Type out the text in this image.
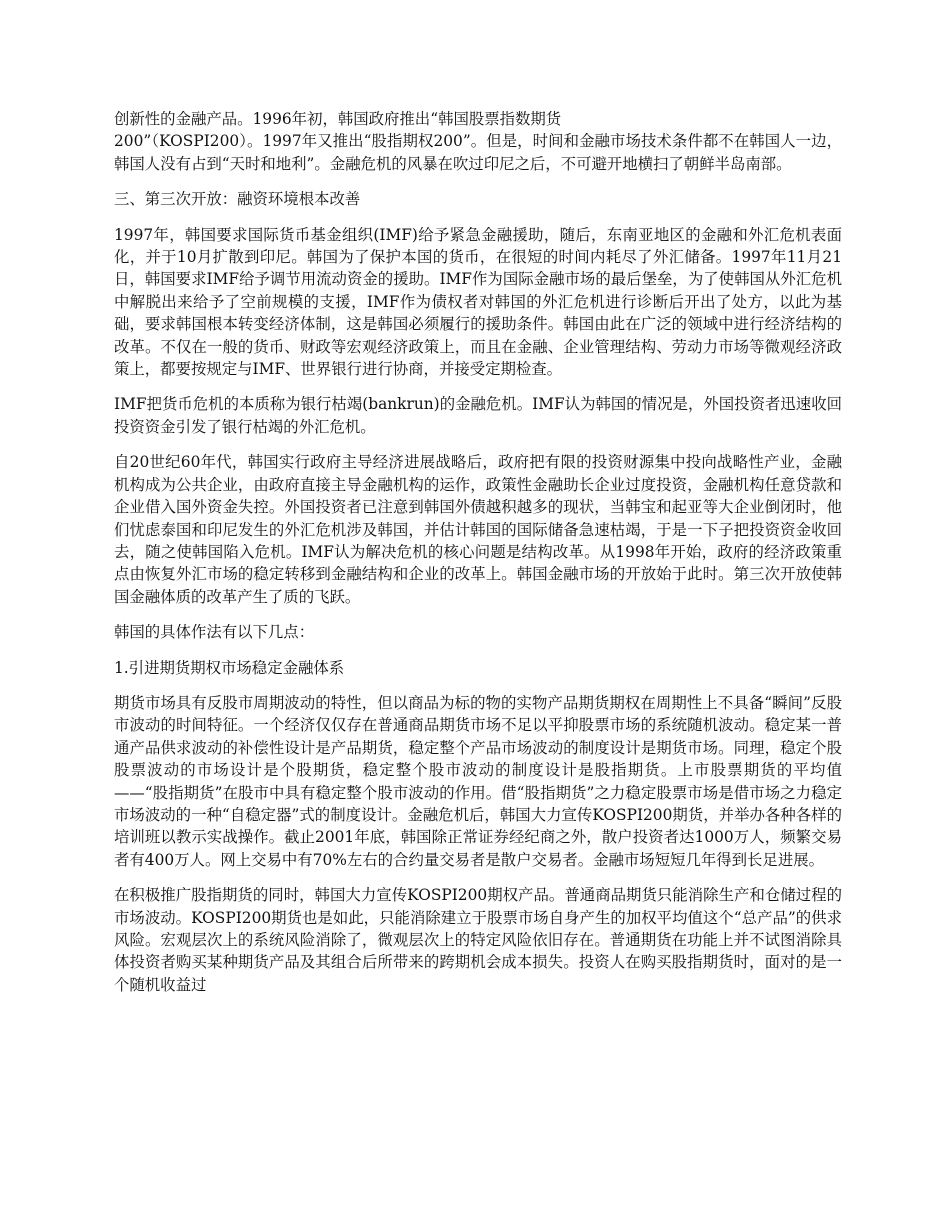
创新性的金融产品。1996年初，韩国政府推出“韩国股票指数期货
200”（KOSPI200）。1997年又推出“股指期权200”。但是，时间和金融市场技术条件都不在韩国人一边，韩国人没有占到“天时和地利”。金融危机的风暴在吹过印尼之后，不可避开地横扫了朝鲜半岛南部。

三、第三次开放：融资环境根本改善

1997年，韩国要求国际货币基金组织(IMF)给予紧急金融援助，随后，东南亚地区的金融和外汇危机表面化，并于10月扩散到印尼。韩国为了保护本国的货币，在很短的时间内耗尽了外汇储备。1997年11月21日，韩国要求IMF给予调节用流动资金的援助。IMF作为国际金融市场的最后堡垒，为了使韩国从外汇危机中解脱出来给予了空前规模的支援，IMF作为债权者对韩国的外汇危机进行诊断后开出了处方，以此为基础，要求韩国根本转变经济体制，这是韩国必须履行的援助条件。韩国由此在广泛的领域中进行经济结构的改革。不仅在一般的货币、财政等宏观经济政策上，而且在金融、企业管理结构、劳动力市场等微观经济政策上，都要按规定与IMF、世界银行进行协商，并接受定期检查。

IMF把货币危机的本质称为银行枯竭(bankrun)的金融危机。IMF认为韩国的情况是，外国投资者迅速收回投资资金引发了银行枯竭的外汇危机。

自20世纪60年代，韩国实行政府主导经济进展战略后，政府把有限的投资财源集中投向战略性产业，金融机构成为公共企业，由政府直接主导金融机构的运作，政策性金融助长企业过度投资，金融机构任意贷款和企业借入国外资金失控。外国投资者已注意到韩国外债越积越多的现状，当韩宝和起亚等大企业倒闭时，他们忧虑泰国和印尼发生的外汇危机涉及韩国，并估计韩国的国际储备急速枯竭，于是一下子把投资资金收回去，随之使韩国陷入危机。IMF认为解决危机的核心问题是结构改革。从1998年开始，政府的经济政策重点由恢复外汇市场的稳定转移到金融结构和企业的改革上。韩国金融市场的开放始于此时。第三次开放使韩国金融体质的改革产生了质的飞跃。

韩国的具体作法有以下几点：

1.引进期货期权市场稳定金融体系

期货市场具有反股市周期波动的特性，但以商品为标的物的实物产品期货期权在周期性上不具备“瞬间”反股市波动的时间特征。一个经济仅仅存在普通商品期货市场不足以平抑股票市场的系统随机波动。稳定某一普通产品供求波动的补偿性设计是产品期货，稳定整个产品市场波动的制度设计是期货市场。同理，稳定个股股票波动的市场设计是个股期货，稳定整个股市波动的制度设计是股指期货。上市股票期货的平均值——“股指期货”在股市中具有稳定整个股市波动的作用。借“股指期货”之力稳定股票市场是借市场之力稳定市场波动的一种“自稳定器”式的制度设计。金融危机后，韩国大力宣传KOSPI200期货，并举办各种各样的培训班以教示实战操作。截止2001年底，韩国除正常证券经纪商之外，散户投资者达1000万人，频繁交易者有400万人。网上交易中有70%左右的合约量交易者是散户交易者。金融市场短短几年得到长足进展。

在积极推广股指期货的同时，韩国大力宣传KOSPI200期权产品。普通商品期货只能消除生产和仓储过程的市场波动。KOSPI200期货也是如此，只能消除建立于股票市场自身产生的加权平均值这个“总产品”的供求风险。宏观层次上的系统风险消除了，微观层次上的特定风险依旧存在。普通期货在功能上并不试图消除具体投资者购买某种期货产品及其组合后所带来的跨期机会成本损失。投资人在购买股指期货时，面对的是一个随机收益过
